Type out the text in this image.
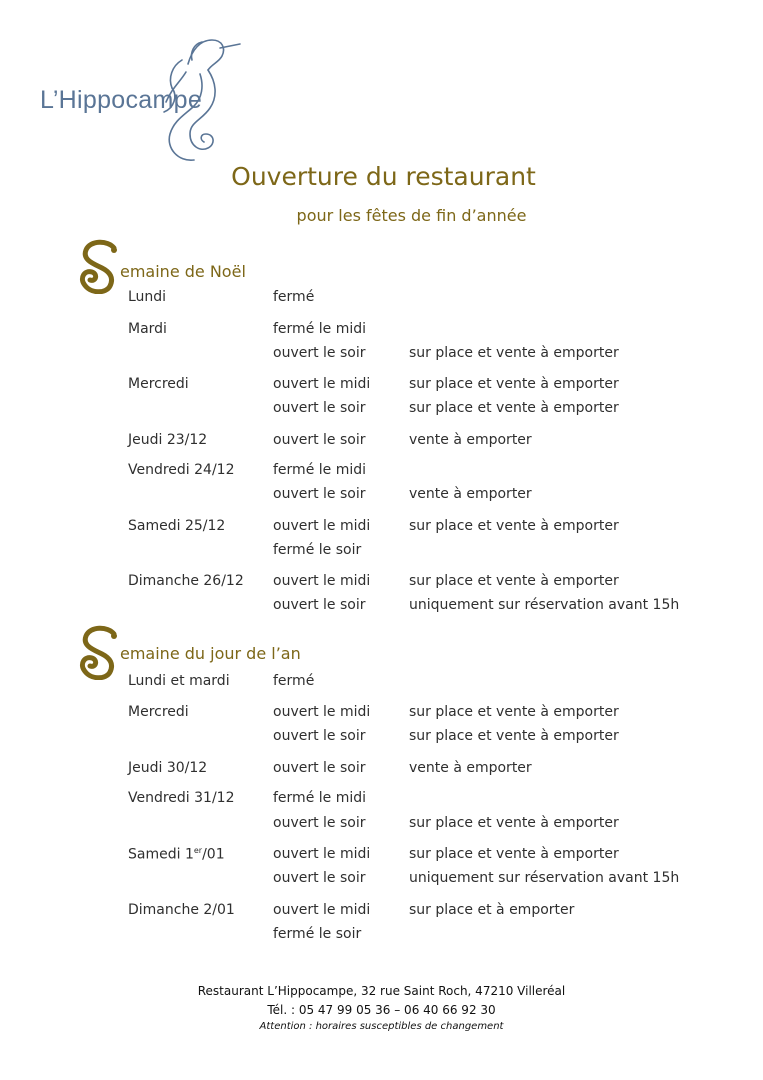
L’Hippocampe
Ouverture du restaurant
pour les fêtes de fin d’année
emaine de Noël
Lundi	fermé
Mardi	fermé le midi
ouvert le soir	sur place et vente à emporter
Mercredi	ouvert le midi	sur place et vente à emporter
ouvert le soir	sur place et vente à emporter
Jeudi 23/12	ouvert le soir	vente à emporter
Vendredi 24/12	fermé le midi
ouvert le soir	vente à emporter
Samedi 25/12	ouvert le midi	sur place et vente à emporter
fermé le soir
Dimanche 26/12 ouvert le midi	sur place et vente à emporter
ouvert le soir	uniquement sur réservation avant 15h
emaine du jour de l’an
Lundi et mardi	fermé
Mercredi	ouvert le midi	sur place et vente à emporter
ouvert le soir	sur place et vente à emporter
Jeudi 30/12	ouvert le soir	vente à emporter
Vendredi 31/12	fermé le midi
ouvert le soir	sur place et vente à emporter
Samedi 1er/01	ouvert le midi	sur place et vente à emporter
ouvert le soir	uniquement sur réservation avant 15h
Dimanche 2/01	ouvert le midi	sur place et à emporter
fermé le soir
Restaurant L’Hippocampe, 32 rue Saint Roch, 47210 Villeréal
Tél. : 05 47 99 05 36 – 06 40 66 92 30
Attention : horaires susceptibles de changement
